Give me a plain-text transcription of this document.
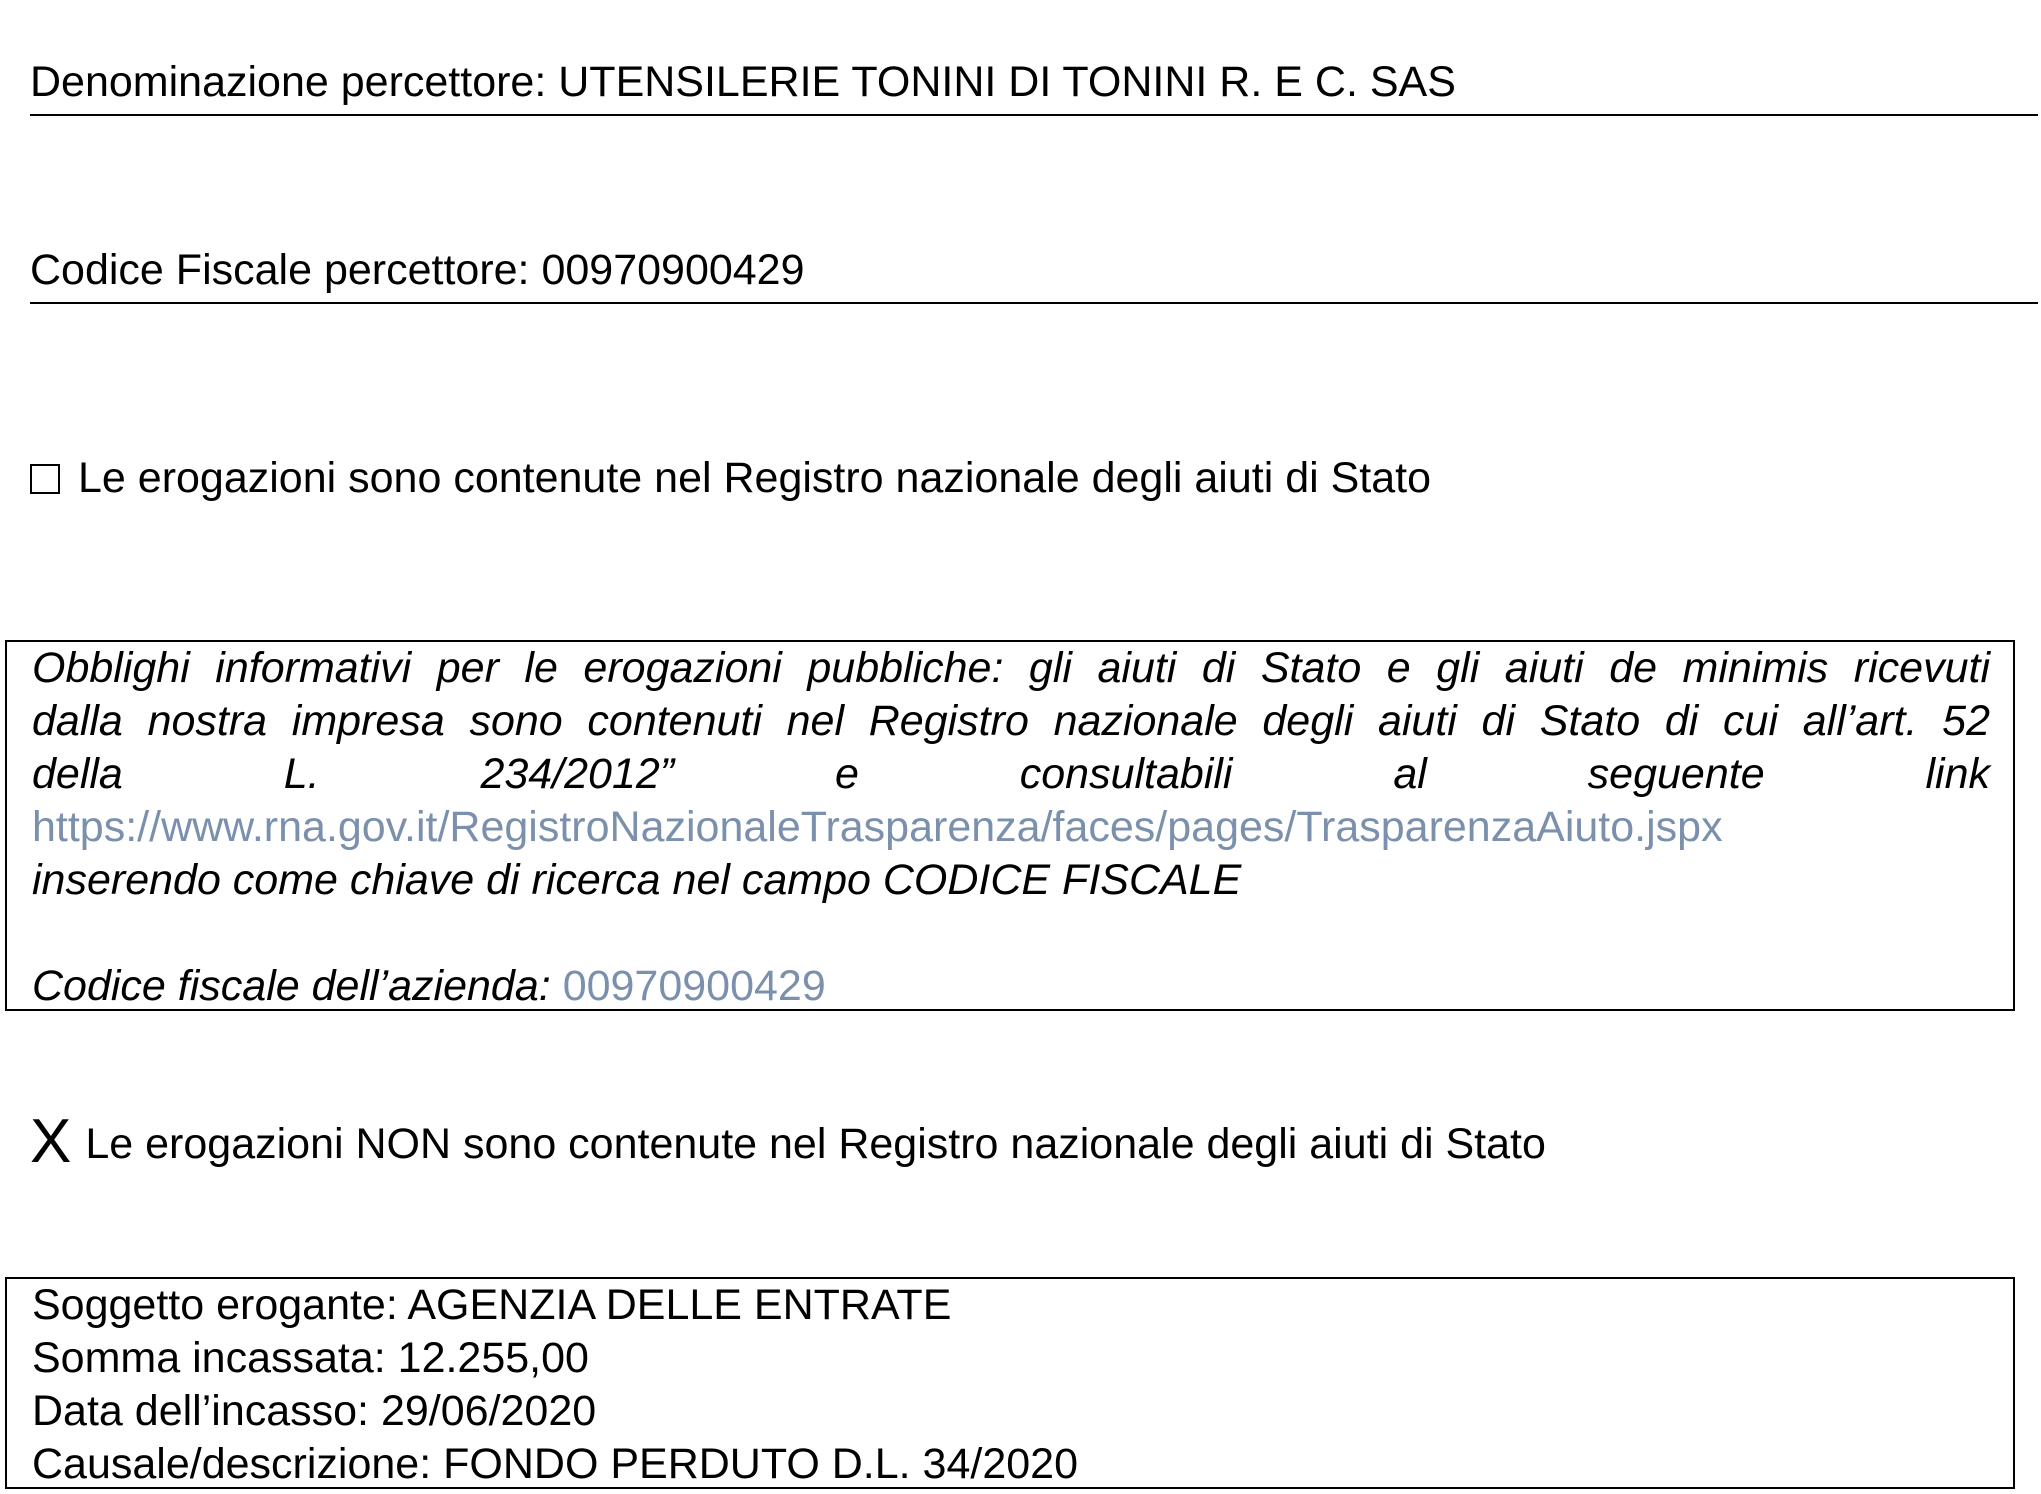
Denominazione percettore: UTENSILERIE TONINI DI TONINI R. E C. SAS
Codice Fiscale percettore: 00970900429
Le erogazioni sono contenute nel Registro nazionale degli aiuti di Stato

Obblighi informativi per le erogazioni pubbliche: gli aiuti di Stato e gli aiuti de minimis ricevuti

dalla nostra impresa sono contenuti nel Registro nazionale degli aiuti di Stato di cui all’art. 52

della L. 234/2012” e consultabili al seguente link

https://www.rna.gov.it/RegistroNazionaleTrasparenza/faces/pages/TrasparenzaAiuto.jspx
inserendo come chiave di ricerca nel campo CODICE FISCALE
Codice fiscale dell’azienda: 00970900429
X Le erogazioni NON sono contenute nel Registro nazionale degli aiuti di Stato
Soggetto erogante: AGENZIA DELLE ENTRATE
Somma incassata: 12.255,00
Data dell’incasso: 29/06/2020
Causale/descrizione: FONDO PERDUTO D.L. 34/2020
